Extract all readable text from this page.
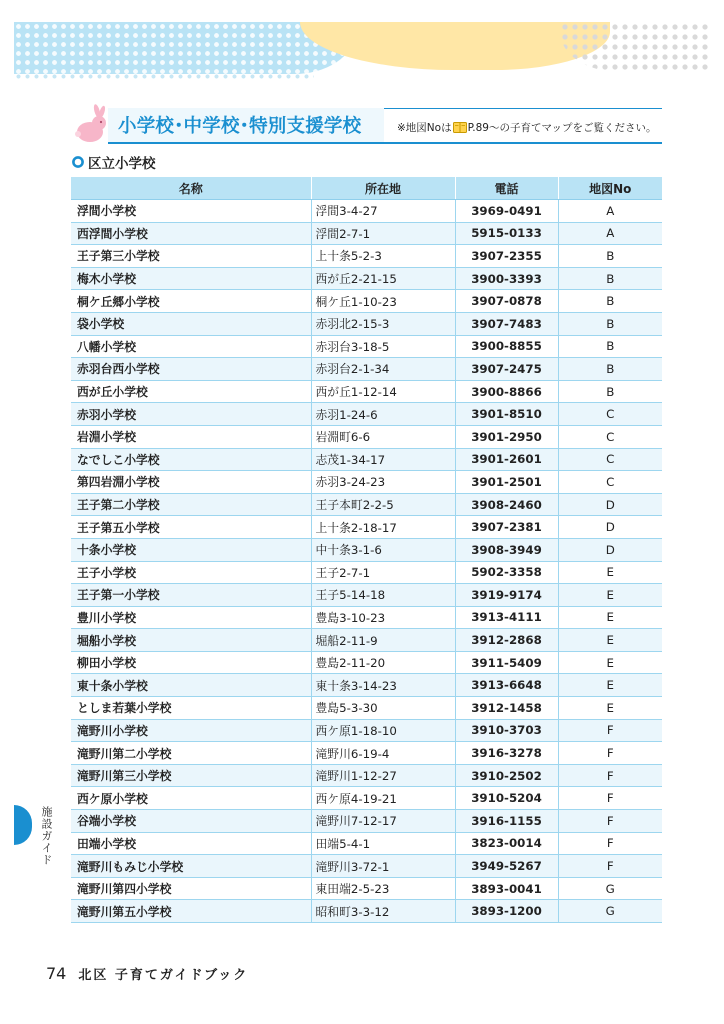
小学校･中学校･特別支援学校	※地図Noは P.89～の子育てマップをご覧ください。
区立小学校
名称	所在地	電話	地図No
浮間小学校	浮間3-4-27	3969-0491	A
西浮間小学校	浮間2-7-1	5915-0133	A
王子第三小学校	上十条5-2-3	3907-2355	B
梅木小学校	西が丘2-21-15	3900-3393	B
桐ケ丘郷小学校	桐ケ丘1-10-23	3907-0878	B
袋小学校	赤羽北2-15-3	3907-7483	B
八幡小学校	赤羽台3-18-5	3900-8855	B
赤羽台西小学校	赤羽台2-1-34	3907-2475	B
西が丘小学校	西が丘1-12-14	3900-8866	B
赤羽小学校	赤羽1-24-6	3901-8510	C
岩淵小学校	岩淵町6-6	3901-2950	C
なでしこ小学校	志茂1-34-17	3901-2601	C
第四岩淵小学校	赤羽3-24-23	3901-2501	C
王子第二小学校	王子本町2-2-5	3908-2460	D
王子第五小学校	上十条2-18-17	3907-2381	D
十条小学校	中十条3-1-6	3908-3949	D
王子小学校	王子2-7-1	5902-3358	E
王子第一小学校	王子5-14-18	3919-9174	E
豊川小学校	豊島3-10-23	3913-4111	E
堀船小学校	堀船2-11-9	3912-2868	E
柳田小学校	豊島2-11-20	3911-5409	E
東十条小学校	東十条3-14-23	3913-6648	E
としま若葉小学校	豊島5-3-30	3912-1458	E
滝野川小学校	西ケ原1-18-10	3910-3703	F
滝野川第二小学校	滝野川6-19-4	3916-3278	F
滝野川第三小学校	滝野川1-12-27	3910-2502	F
西ケ原小学校	西ケ原4-19-21	3910-5204	F
谷端小学校	滝野川7-12-17	3916-1155	F
田端小学校	田端5-4-1	3823-0014	F
滝野川もみじ小学校	滝野川3-72-1	3949-5267	F
滝野川第四小学校	東田端2-5-23	3893-0041	G
滝野川第五小学校	昭和町3-3-12	3893-1200	G
施設ガイド
74 北区 子育てガイドブック
